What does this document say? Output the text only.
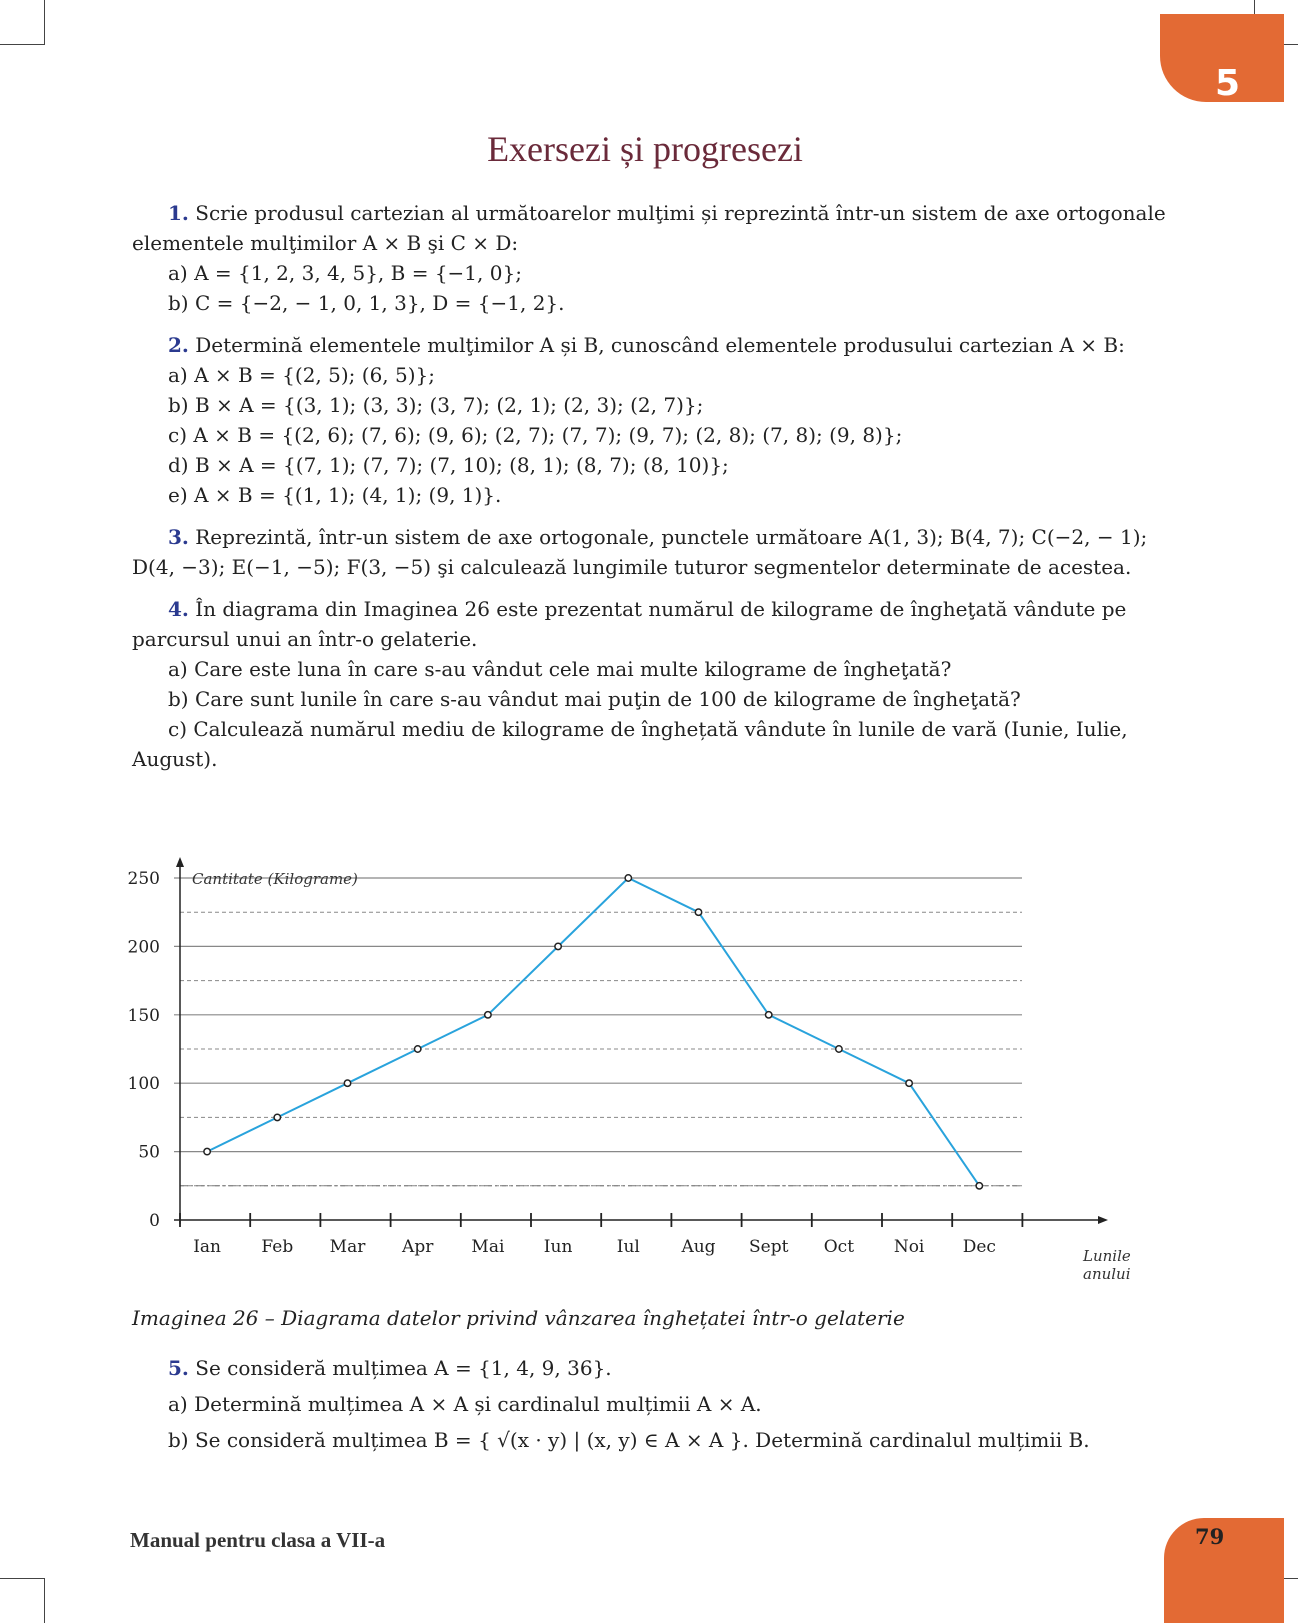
5
Exersezi și progresezi

1. Scrie produsul cartezian al următoarelor mulţimi și reprezintă într-un sistem de axe ortogonale elementele mulţimilor A × B şi C × D:

a) A = {1, 2, 3, 4, 5}, B = {−1, 0};

b) C = {−2, − 1, 0, 1, 3}, D = {−1, 2}.

2. Determină elementele mulţimilor A și B, cunoscând elementele produsului cartezian A × B:

a) A × B = {(2, 5); (6, 5)};

b) B × A = {(3, 1); (3, 3); (3, 7); (2, 1); (2, 3); (2, 7)};

c) A × B = {(2, 6); (7, 6); (9, 6); (2, 7); (7, 7); (9, 7); (2, 8); (7, 8); (9, 8)};

d) B × A = {(7, 1); (7, 7); (7, 10); (8, 1); (8, 7); (8, 10)};

e) A × B = {(1, 1); (4, 1); (9, 1)}.

3. Reprezintă, într-un sistem de axe ortogonale, punctele următoare A(1, 3); B(4, 7); C(−2, − 1); D(4, −3); E(−1, −5); F(3, −5) şi calculează lungimile tuturor segmentelor determinate de acestea.

4. În diagrama din Imaginea 26 este prezentat numărul de kilograme de îngheţată vândute pe parcursul unui an într-o gelaterie.

a) Care este luna în care s-au vândut cele mai multe kilograme de îngheţată?

b) Care sunt lunile în care s-au vândut mai puţin de 100 de kilograme de îngheţată?

c) Calculează numărul mediu de kilograme de înghețată vândute în lunile de vară (Iunie, Iulie, August).

Cantitate (Kilograme)
Lunile
anului
0
50
100
150
200
250
Ian Feb Mar Apr Mai Iun	Iul Aug Sept Oct Noi Dec
Imaginea 26 – Diagrama datelor privind vânzarea înghețatei într-o gelaterie

5. Se consideră mulțimea A = {1, 4, 9, 36}.

a) Determină mulțimea A × A și cardinalul mulțimii A × A.

b) Se consideră mulțimea B = { √(x · y) | (x, y) ∈ A × A }. Determină cardinalul mulțimii B.

Manual pentru clasa a VII-a	79
